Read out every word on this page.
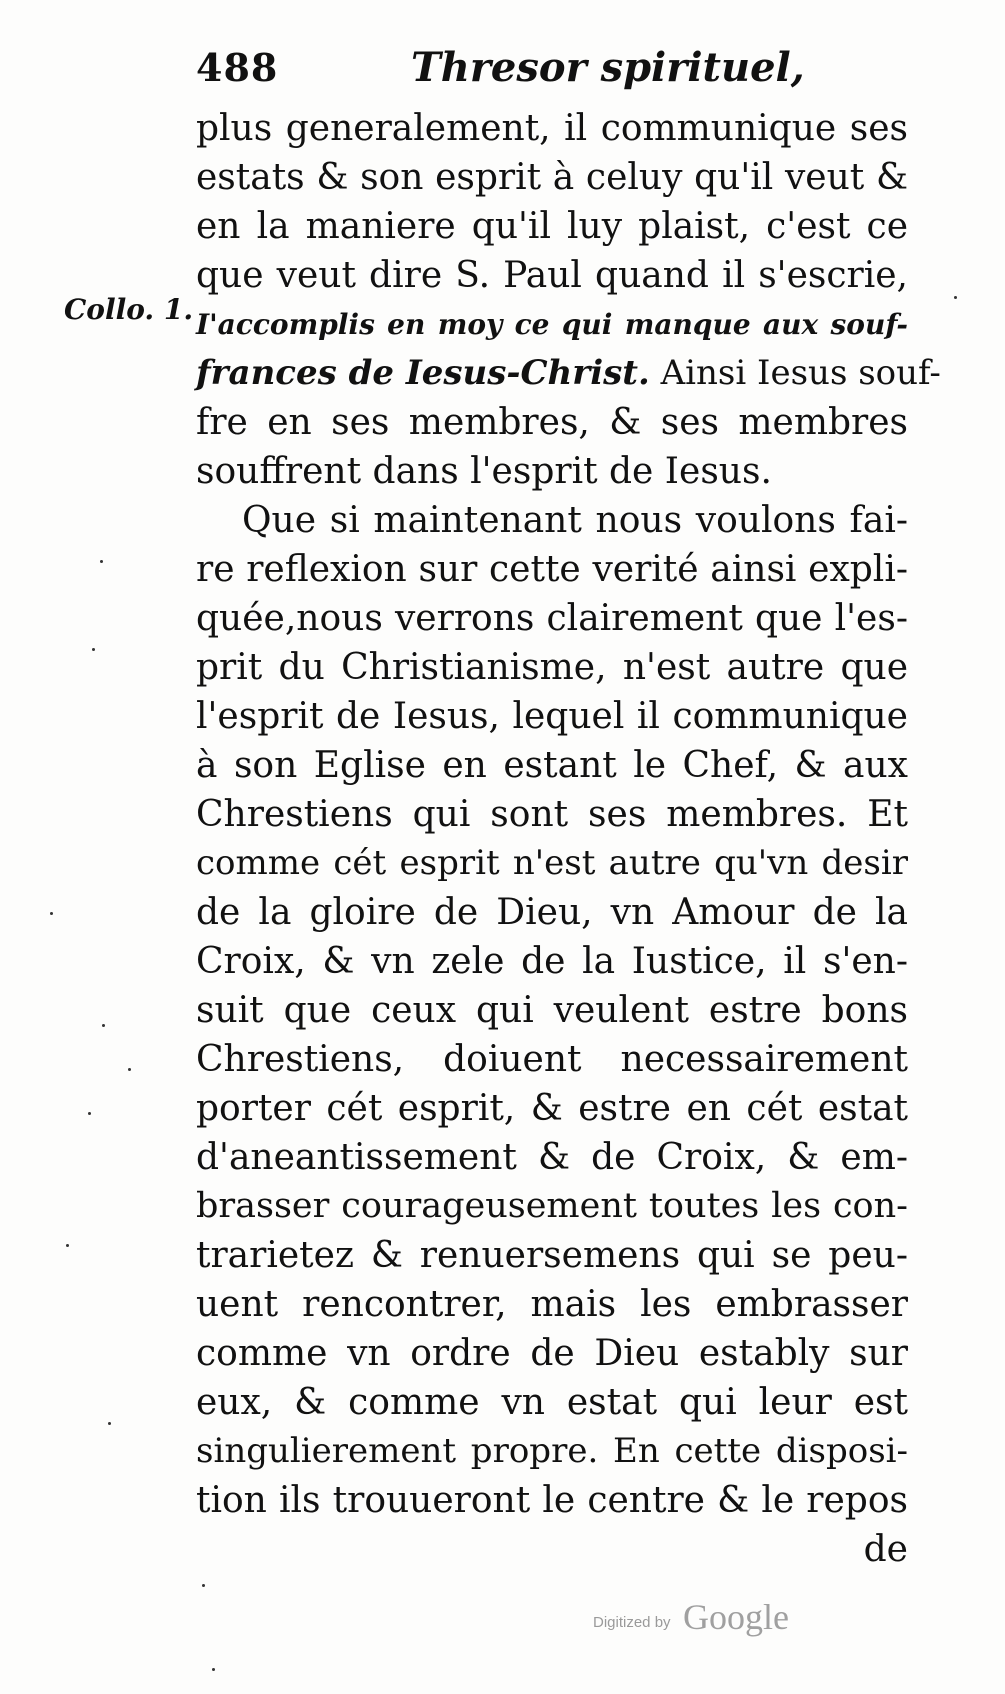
488	Thresor spirituel,
Collo. 1.
plus generalement, il communique ses
estats & son esprit à celuy qu'il veut &
en la maniere qu'il luy plaist, c'est ce
que veut dire S. Paul quand il s'escrie,
I'accomplis en moy ce qui manque aux souf-
frances de Iesus-Christ. Ainsi Iesus souf-
fre en ses membres, & ses membres
souffrent dans l'esprit de Iesus.
Que si maintenant nous voulons fai-
re reflexion sur cette verité ainsi expli-
quée,nous verrons clairement que l'es-
prit du Christianisme, n'est autre que
l'esprit de Iesus, lequel il communique
à son Eglise en estant le Chef, & aux
Chrestiens qui sont ses membres. Et
comme cét esprit n'est autre qu'vn desir
de la gloire de Dieu, vn Amour de la
Croix, & vn zele de la Iustice, il s'en-
suit que ceux qui veulent estre bons
Chrestiens, doiuent necessairement
porter cét esprit, & estre en cét estat
d'aneantissement & de Croix, & em-
brasser courageusement toutes les con-
trarietez & renuersemens qui se peu-
uent rencontrer, mais les embrasser
comme vn ordre de Dieu estably sur
eux, & comme vn estat qui leur est
singulierement propre. En cette disposi-
tion ils trouueront le centre & le repos
de
Digitized by Google
